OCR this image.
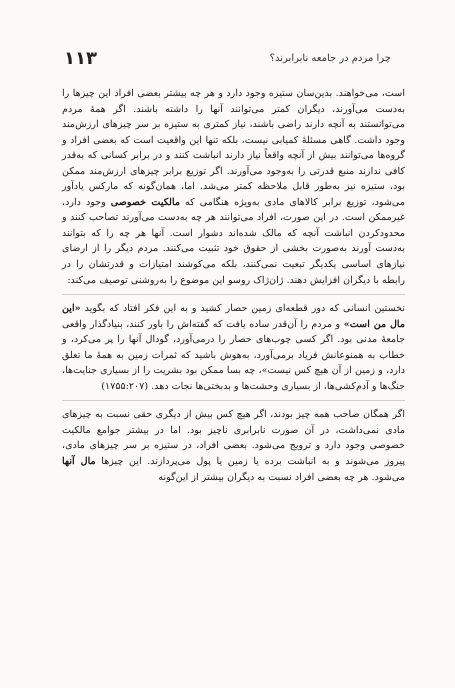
چرا مردم در جامعه نابرابرند؟
۱۱۳

است، می‌خواهند. بدین‌سان ستیزه وجود دارد و هر چه بیشتر بعضی افراد این چیزها را به‌دست می‌آورند، دیگران کمتر می‌توانند آنها را داشته باشند. اگر همهٔ مردم می‌توانستند به آنچه دارند راضی باشند، نیاز کمتری به ستیزه بر سر چیزهای ارزش‌مند وجود داشت. گاهی مسئلهٔ کمیابی نیست، بلکه تنها این واقعیت است که بعضی افراد و گروه‌ها می‌توانند بیش از آنچه واقعاً نیاز دارند انباشت کنند و در برابر کسانی که به‌قدر کافی ندارند منبع قدرتی را به‌وجود می‌آورند. اگر توزیع برابر چیزهای ارزش‌مند ممکن بود، ستیزه نیز به‌طور قابل ملاحظه کمتر می‌شد. اما، همان‌گونه که مارکس یادآور می‌شود، توزیع برابر کالاهای مادی به‌ویژه هنگامی که مالکیت خصوصی وجود دارد، غیرممکن است. در این صورت، افراد می‌توانند هر چه به‌دست می‌آورند تصاحب کنند و محدودکردن انباشت آنچه که مالک شده‌اند دشوار است. آنها هر چه را که بتوانند به‌دست آورند به‌صورت بخشی از حقوق خود تثبیت می‌کنند. مردم دیگر را از ارضای نیازهای اساسی یکدیگر تبعیت نمی‌کنند، بلکه می‌کوشند امتیازات و قدرتشان را در رابطه با دیگران افزایش دهند. ژان‌ژاک روسو این موضوع را به‌روشنی توصیف می‌کند:

نخستین انسانی که دور قطعه‌ای زمین حصار کشید و به این فکر افتاد که بگوید «این مال من است» و مردم را آن‌قدر ساده یافت که گفته‌اش را باور کنند، بنیادگذار واقعی جامعهٔ مدنی بود. اگر کسی چوب‌های حصار را درمی‌آورد، گودال آنها را پر می‌کرد، و خطاب به همنوعانش فریاد برمی‌آورد، به‌هوش باشید که ثمرات زمین به همهٔ ما تعلق دارد، و زمین از آن هیچ کس نیست»، چه بسا ممکن بود بشریت را از بسیاری جنایت‌ها، جنگ‌ها و آدم‌کشی‌ها، از بسیاری وحشت‌ها و بدبختی‌ها نجات دهد. (۱۷۵۵:۲۰۷)

اگر همگان صاحب همه چیز بودند، اگر هیچ کس بیش از دیگری حقی نسبت به چیزهای مادی نمی‌داشت، در آن صورت نابرابری ناچیز بود. اما در بیشتر جوامع مالکیت خصوصی وجود دارد و ترویج می‌شود. بعضی افراد، در ستیزه بر سر چیزهای مادی، پیروز می‌شوند و به انباشت برده یا زمین یا پول می‌پردازند. این چیزها مال آنها می‌شود. هر چه بعضی افراد نسبت به دیگران بیشتر از این‌گونه
